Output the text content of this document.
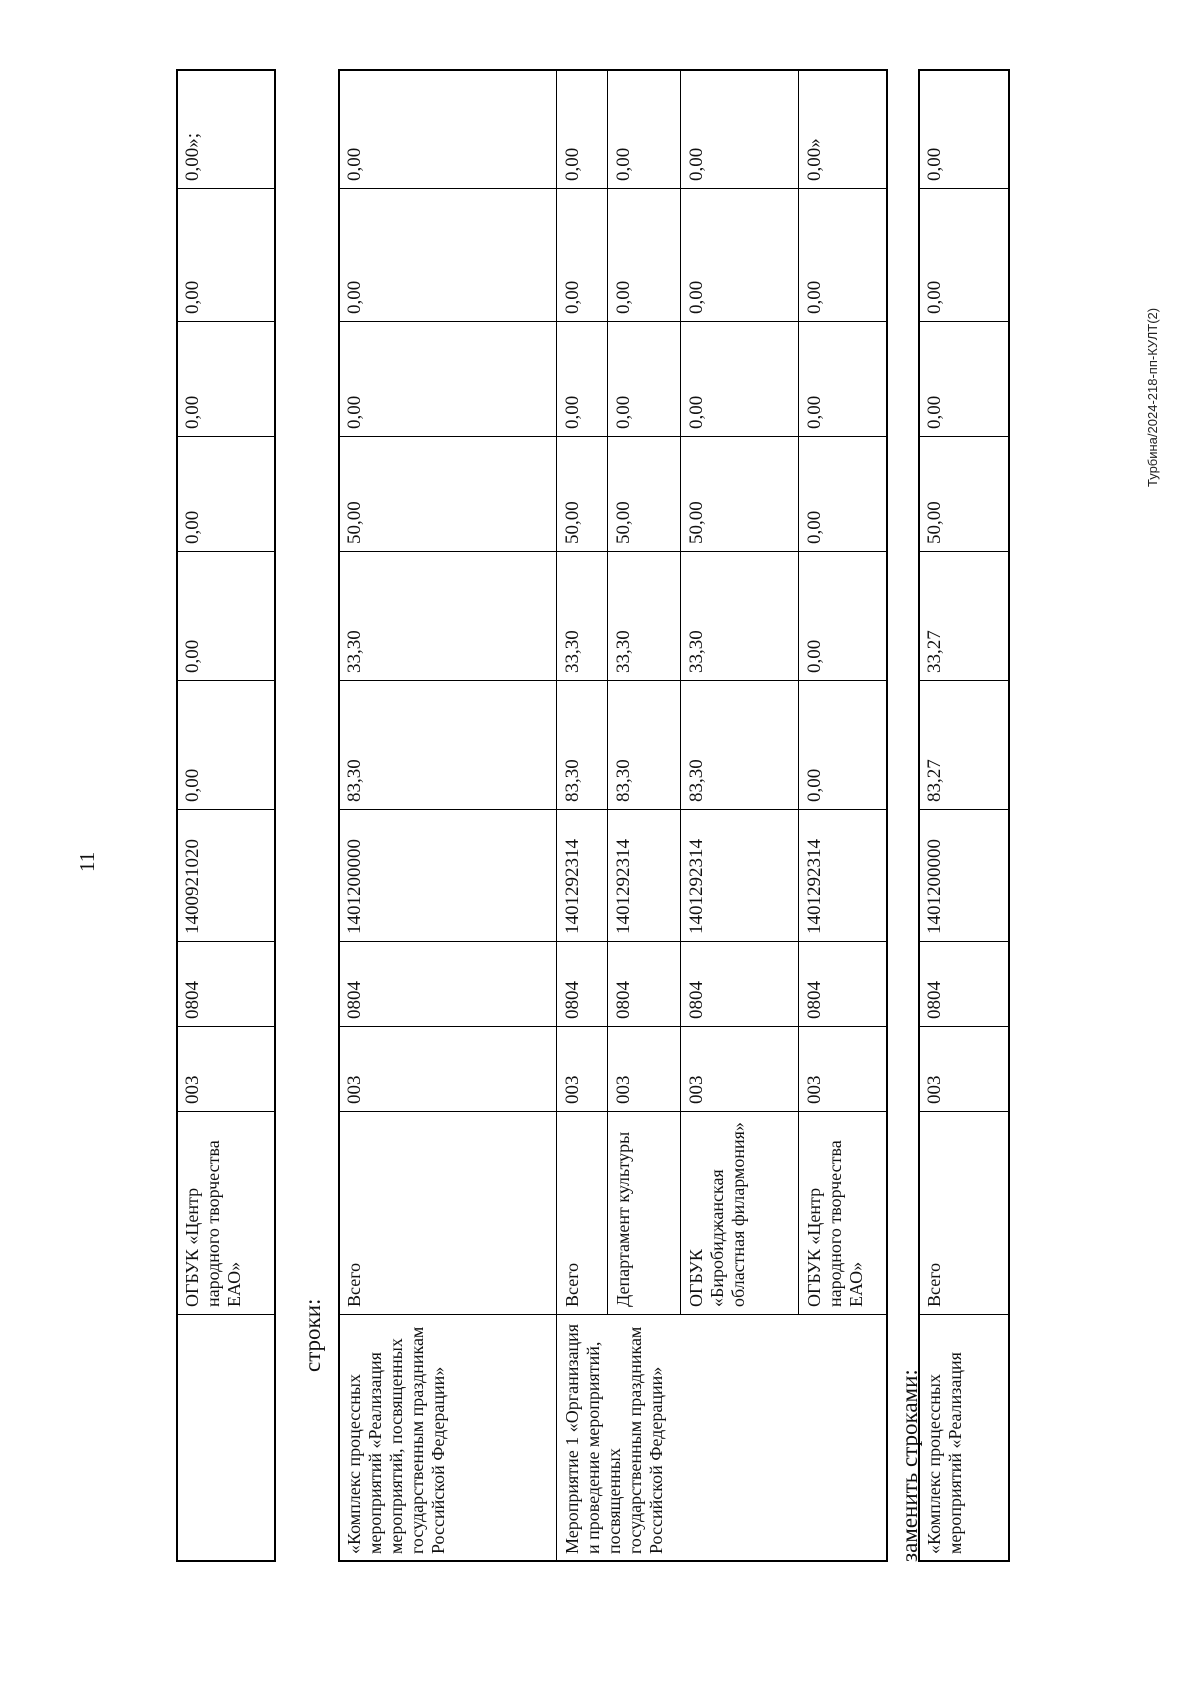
11
строки:
заменить строками:
Турбина/2024-218-пп-КУЛТ(2)
ОГБУК «Центр народного творчества ЕАО»
003
0804
1400921020
0,00
0,00
0,00
0,00
0,00
0,00»;
«Комплекс процессных мероприятий «Реализация мероприятий, посвященных государственным праздникам Российской Федерации»
Всего
003
0804
1401200000
83,30
33,30
50,00
0,00
0,00
0,00
Мероприятие 1 «Организация и проведение мероприятий, посвященных государственным праздникам Российской Федерации»
Всего
003
0804
1401292314
83,30
33,30
50,00
0,00
0,00
0,00
Департамент культуры
003
0804
1401292314
83,30
33,30
50,00
0,00
0,00
0,00
ОГБУК «Биробиджанская областная филармония»
003
0804
1401292314
83,30
33,30
50,00
0,00
0,00
0,00
ОГБУК «Центр народного творчества ЕАО»
003
0804
1401292314
0,00
0,00
0,00
0,00
0,00
0,00»
«Комплекс процессных мероприятий «Реализация
Всего
003
0804
1401200000
83,27
33,27
50,00
0,00
0,00
0,00
